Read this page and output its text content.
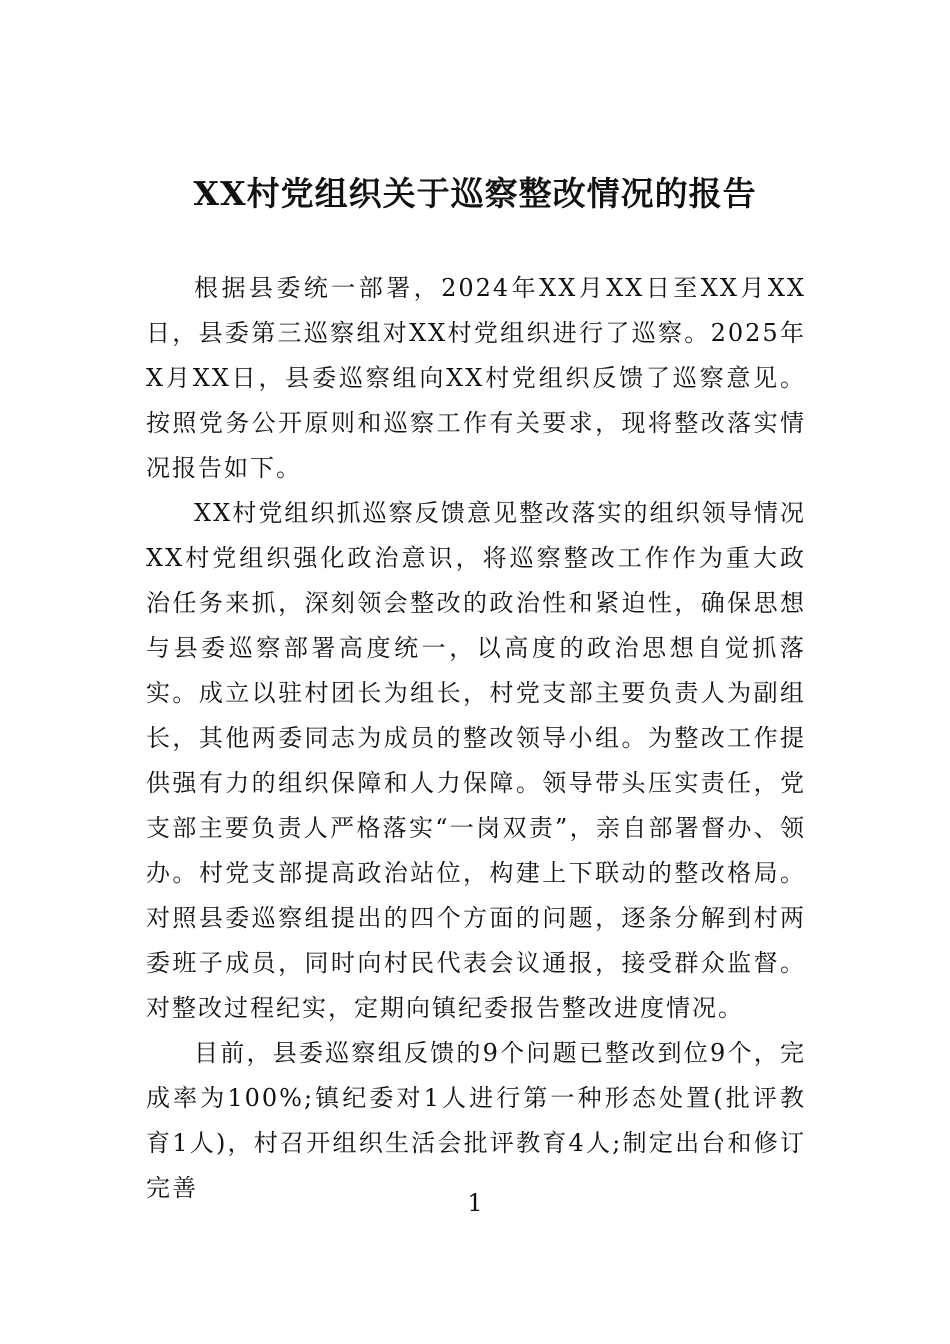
XX村党组织关于巡察整改情况的报告

根据县委统一部署，2024年XX月XX日至XX月XX日，县委第三巡察组对XX村党组织进行了巡察。2025年X月XX日，县委巡察组向XX村党组织反馈了巡察意见。按照党务公开原则和巡察工作有关要求，现将整改落实情况报告如下。

XX村党组织抓巡察反馈意见整改落实的组织领导情况XX村党组织强化政治意识，将巡察整改工作作为重大政治任务来抓，深刻领会整改的政治性和紧迫性，确保思想与县委巡察部署高度统一，以高度的政治思想自觉抓落实。成立以驻村团长为组长，村党支部主要负责人为副组长，其他两委同志为成员的整改领导小组。为整改工作提供强有力的组织保障和人力保障。领导带头压实责任，党支部主要负责人严格落实“一岗双责”，亲自部署督办、领办。村党支部提高政治站位，构建上下联动的整改格局。对照县委巡察组提出的四个方面的问题，逐条分解到村两委班子成员，同时向村民代表会议通报，接受群众监督。对整改过程纪实，定期向镇纪委报告整改进度情况。

目前，县委巡察组反馈的9个问题已整改到位9个，完成率为100%;镇纪委对1人进行第一种形态处置(批评教育1人)，村召开组织生活会批评教育4人;制定出台和修订完善

1
